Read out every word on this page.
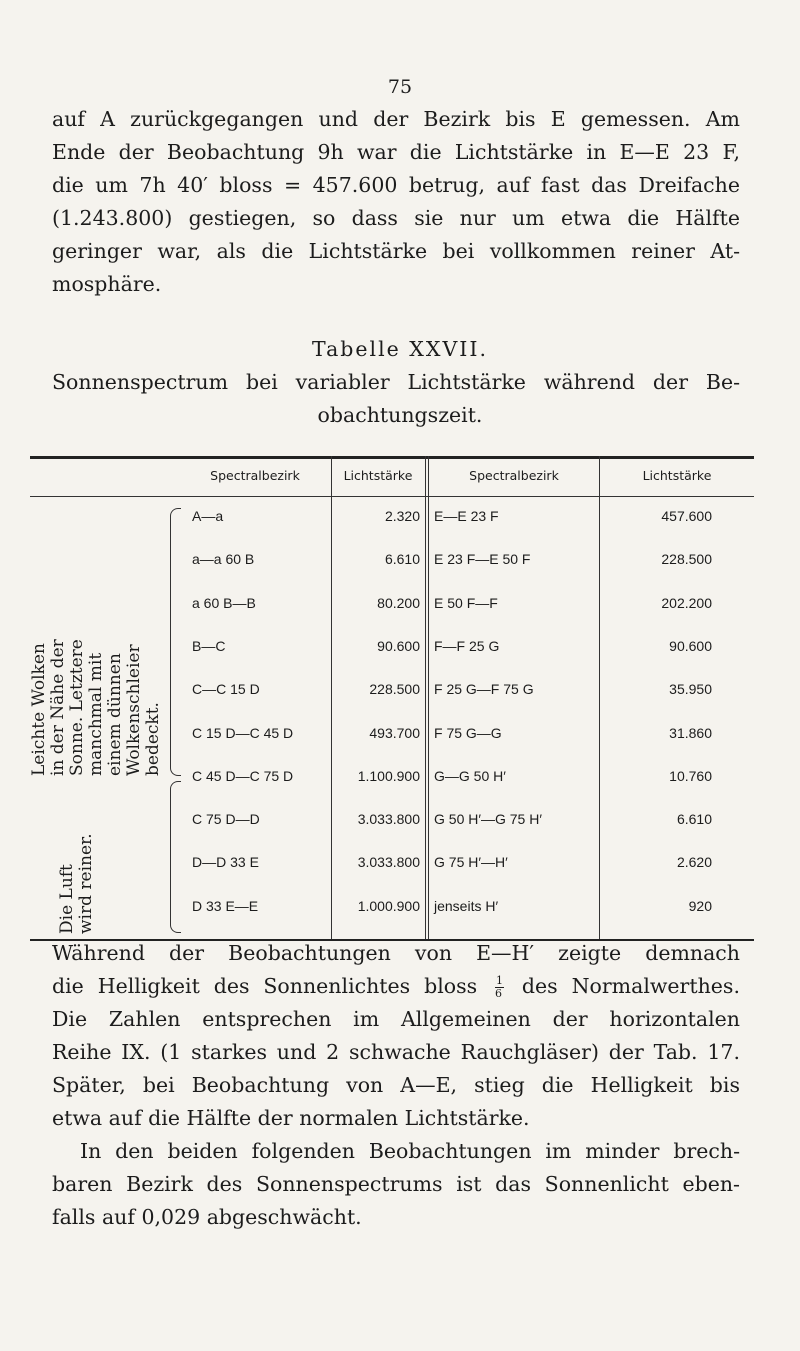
75
auf A zurückgegangen und der Bezirk bis E gemessen. Am
Ende der Beobachtung 9h war die Lichtstärke in E—E 23 F,
die um 7h 40′ bloss = 457.600 betrug, auf fast das Dreifache
(1.243.800) gestiegen, so dass sie nur um etwa die Hälfte
geringer war, als die Lichtstärke bei vollkommen reiner At-
mosphäre.
Tabelle XXVII.
Sonnenspectrum bei variabler Lichtstärke während der Be-
obachtungszeit.
Spectralbezirk	Lichtstärke	Spectralbezirk	Lichtstärke
Leichte Wolken in der Nähe der Sonne. Letztere manchmal mit einem dünnen Wolkenschleier bedeckt.
Die Luft wird reiner.
A—a	2.320 E—E 23 F	457.600
a—a 60 B	6.610 E 23 F—E 50 F	228.500
a 60 B—B	80.200 E 50 F—F	202.200
B—C	90.600 F—F 25 G	90.600
C—C 15 D	228.500 F 25 G—F 75 G	35.950
C 15 D—C 45 D	493.700 F 75 G—G	31.860
C 45 D—C 75 D	1.100.900 G—G 50 H′	10.760
C 75 D—D	3.033.800 G 50 H′—G 75 H′	6.610
D—D 33 E	3.033.800 G 75 H′—H′	2.620
D 33 E—E	1.000.900 jenseits H′	920
Während der Beobachtungen von E—H′ zeigte demnach
die Helligkeit des Sonnenlichtes bloss $\frac{1}{6}$ des Normalwerthes.
Die Zahlen entsprechen im Allgemeinen der horizontalen
Reihe IX. (1 starkes und 2 schwache Rauchgläser) der Tab. 17.
Später, bei Beobachtung von A—E, stieg die Helligkeit bis
etwa auf die Hälfte der normalen Lichtstärke.
In den beiden folgenden Beobachtungen im minder brech-
baren Bezirk des Sonnenspectrums ist das Sonnenlicht eben-
falls auf 0,029 abgeschwächt.
